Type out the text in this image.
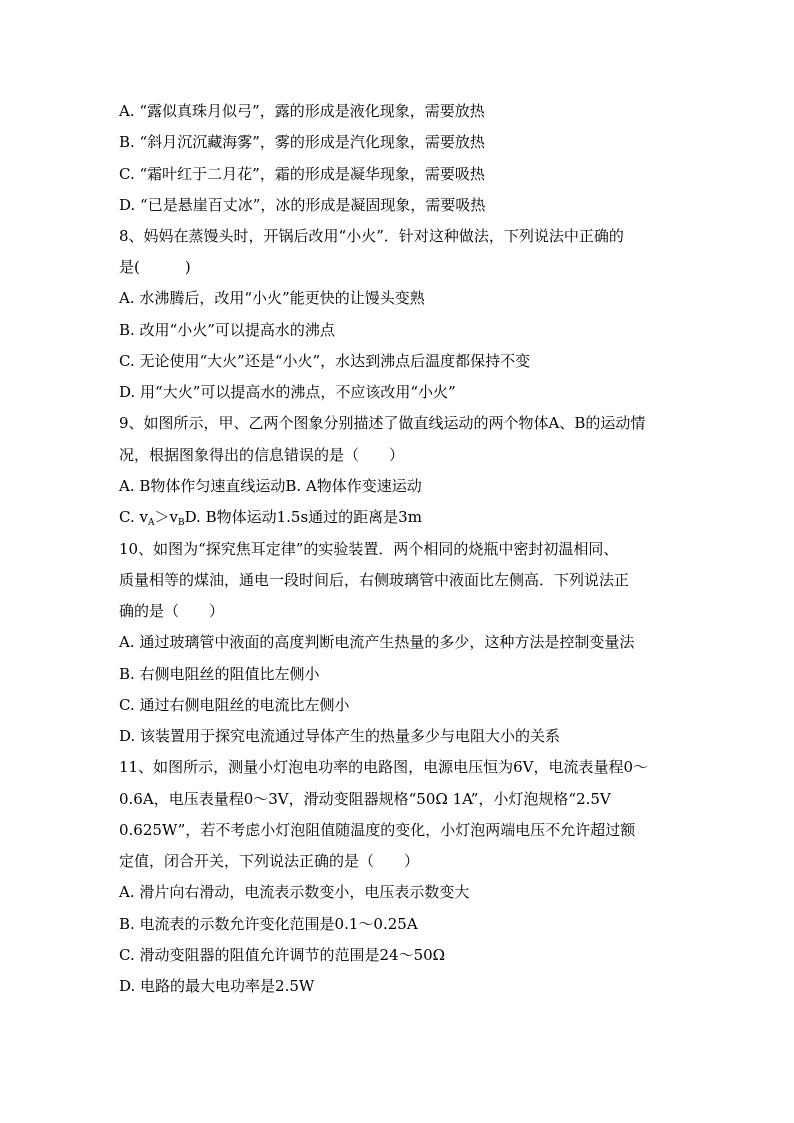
A. “露似真珠月似弓”，露的形成是液化现象，需要放热
B. “斜月沉沉藏海雾”，雾的形成是汽化现象，需要放热
C. “霜叶红于二月花”，霜的形成是凝华现象，需要吸热
D. “已是悬崖百丈冰”，冰的形成是凝固现象，需要吸热
8、妈妈在蒸馒头时，开锅后改用“小火”．针对这种做法，下列说法中正确的
是(　　　)
A. 水沸腾后，改用“小火”能更快的让馒头变熟
B. 改用“小火”可以提高水的沸点
C. 无论使用“大火”还是“小火”，水达到沸点后温度都保持不变
D. 用“大火”可以提高水的沸点，不应该改用“小火”
9、如图所示，甲、乙两个图象分别描述了做直线运动的两个物体A、B的运动情
况，根据图象得出的信息错误的是（　　）
A. B物体作匀速直线运动B. A物体作变速运动
C. $v_A>v_BD$. B物体运动1.5s通过的距离是3m
10、如图为“探究焦耳定律”的实验装置．两个相同的烧瓶中密封初温相同、
质量相等的煤油，通电一段时间后，右侧玻璃管中液面比左侧高．下列说法正
确的是（　　）
A. 通过玻璃管中液面的高度判断电流产生热量的多少，这种方法是控制变量法
B. 右侧电阻丝的阻值比左侧小
C. 通过右侧电阻丝的电流比左侧小
D. 该装置用于探究电流通过导体产生的热量多少与电阻大小的关系
11、如图所示，测量小灯泡电功率的电路图，电源电压恒为6V，电流表量程0～
0.6A，电压表量程0～3V，滑动变阻器规格“50Ω 1A”，小灯泡规格“2.5V
0.625W”，若不考虑小灯泡阻值随温度的变化，小灯泡两端电压不允许超过额
定值，闭合开关，下列说法正确的是（　　）
A. 滑片向右滑动，电流表示数变小，电压表示数变大
B. 电流表的示数允许变化范围是0.1～0.25A
C. 滑动变阻器的阻值允许调节的范围是24～50Ω
D. 电路的最大电功率是2.5W
